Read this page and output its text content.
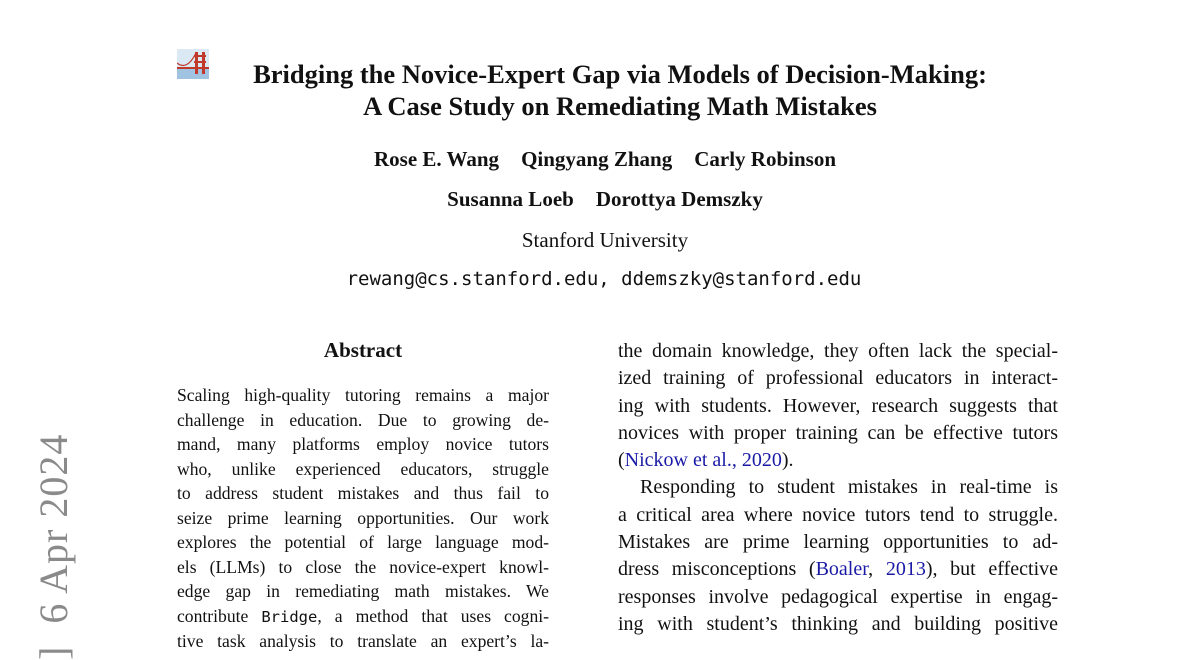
]  6 Apr 2024
Bridging the Novice-Expert Gap via Models of Decision-Making:
A Case Study on Remediating Math Mistakes
Rose E. Wang Qingyang Zhang Carly Robinson
Susanna Loeb Dorottya Demszky
Stanford University
rewang@cs.stanford.edu, ddemszky@stanford.edu
Abstract
Scaling high-quality tutoring remains a major
challenge in education. Due to growing de-
mand, many platforms employ novice tutors
who, unlike experienced educators, struggle
to address student mistakes and thus fail to
seize prime learning opportunities. Our work
explores the potential of large language mod-
els (LLMs) to close the novice-expert knowl-
edge gap in remediating math mistakes. We
contribute Bridge, a method that uses cogni-
tive task analysis to translate an expert’s la-
the domain knowledge, they often lack the special-
ized training of professional educators in interact-
ing with students. However, research suggests that
novices with proper training can be effective tutors
(Nickow et al., 2020).
Responding to student mistakes in real-time is
a critical area where novice tutors tend to struggle.
Mistakes are prime learning opportunities to ad-
dress misconceptions (Boaler, 2013), but effective
responses involve pedagogical expertise in engag-
ing with student’s thinking and building positive
